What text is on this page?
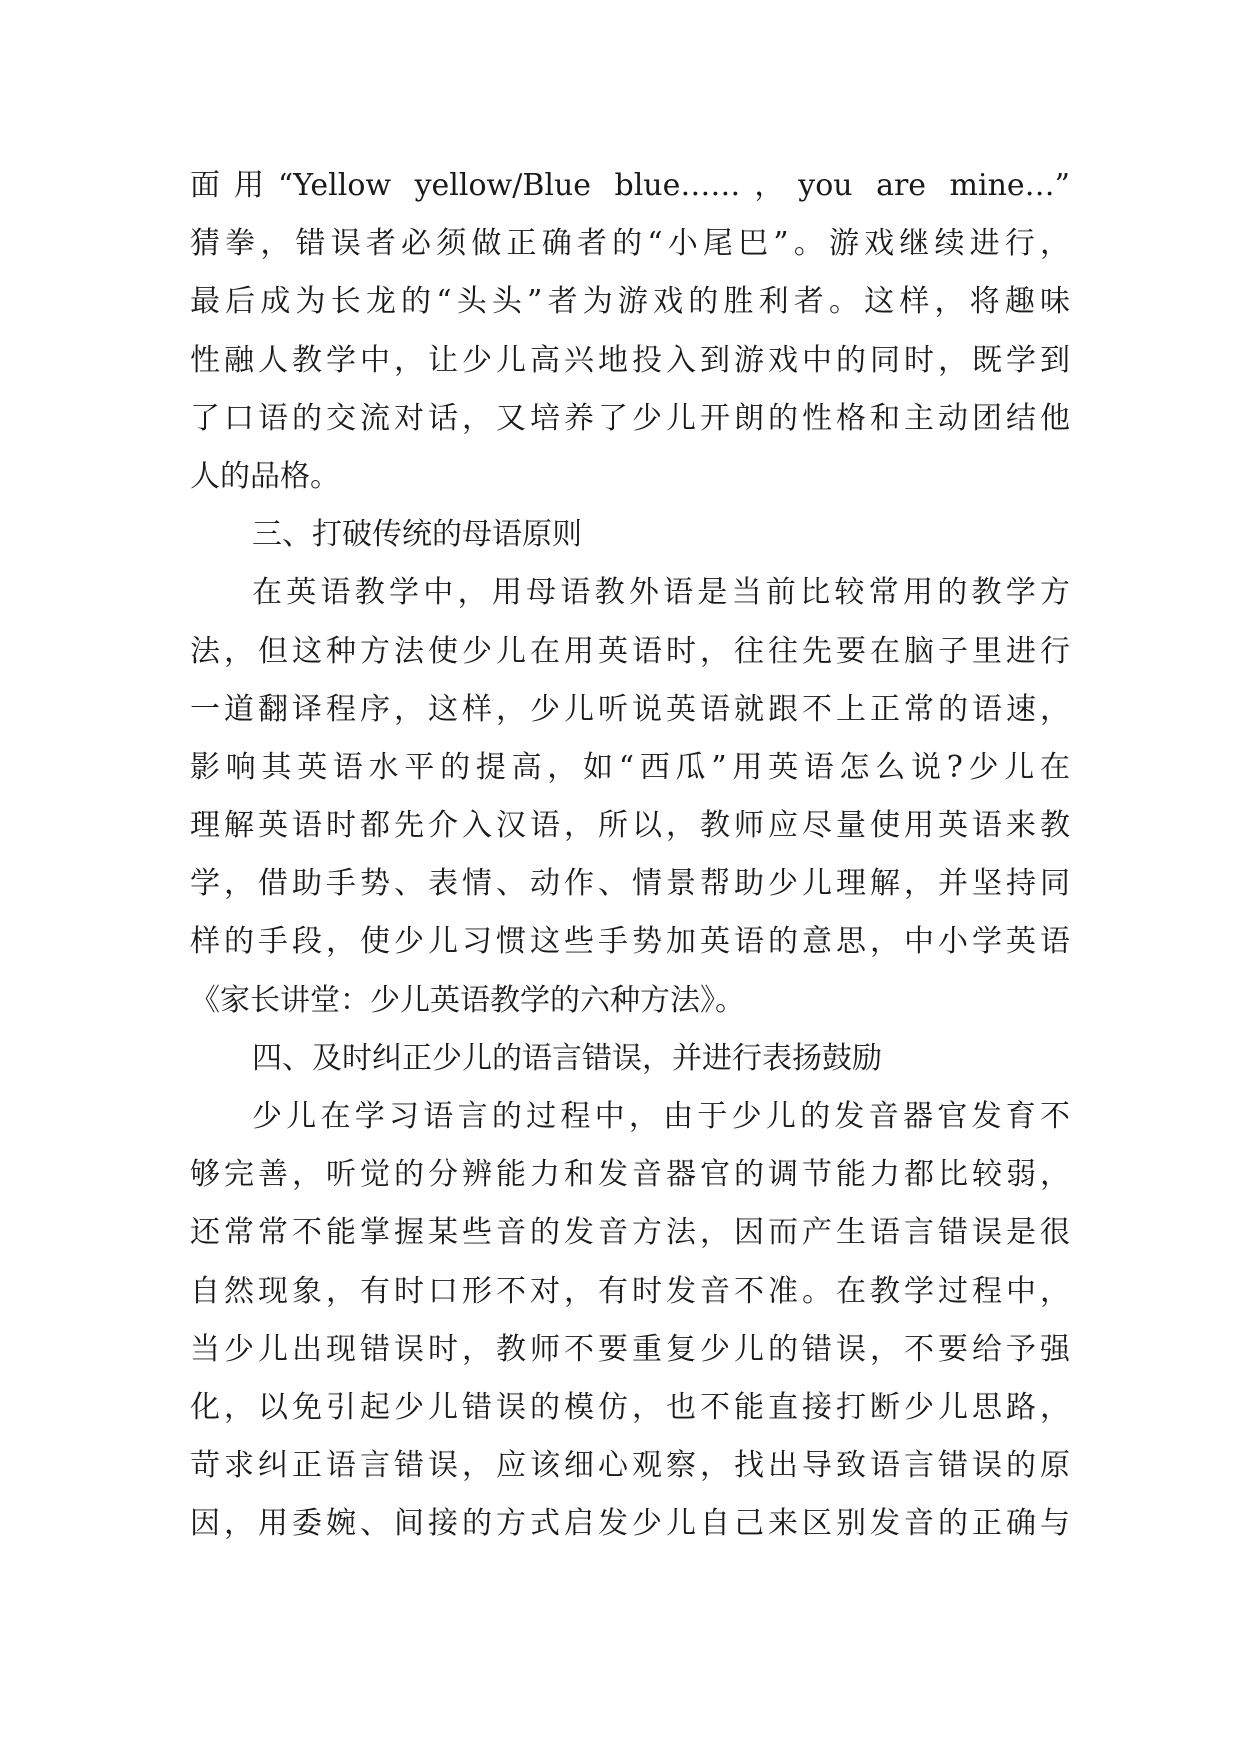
面用“Yellow yellow/Blue blue……，you are mine…”
猜拳，错误者必须做正确者的“小尾巴”。游戏继续进行，
最后成为长龙的“头头”者为游戏的胜利者。这样，将趣味
性融人教学中，让少儿高兴地投入到游戏中的同时，既学到
了口语的交流对话，又培养了少儿开朗的性格和主动团结他
人的品格。
三、打破传统的母语原则
在英语教学中，用母语教外语是当前比较常用的教学方
法，但这种方法使少儿在用英语时，往往先要在脑子里进行
一道翻译程序，这样，少儿听说英语就跟不上正常的语速，
影响其英语水平的提高，如“西瓜”用英语怎么说?少儿在
理解英语时都先介入汉语，所以，教师应尽量使用英语来教
学，借助手势、表情、动作、情景帮助少儿理解，并坚持同
样的手段，使少儿习惯这些手势加英语的意思，中小学英语
《家长讲堂：少儿英语教学的六种方法》。
四、及时纠正少儿的语言错误，并进行表扬鼓励
少儿在学习语言的过程中，由于少儿的发音器官发育不
够完善，听觉的分辨能力和发音器官的调节能力都比较弱，
还常常不能掌握某些音的发音方法，因而产生语言错误是很
自然现象，有时口形不对，有时发音不准。在教学过程中，
当少儿出现错误时，教师不要重复少儿的错误，不要给予强
化，以免引起少儿错误的模仿，也不能直接打断少儿思路，
苛求纠正语言错误，应该细心观察，找出导致语言错误的原
因，用委婉、间接的方式启发少儿自己来区别发音的正确与
